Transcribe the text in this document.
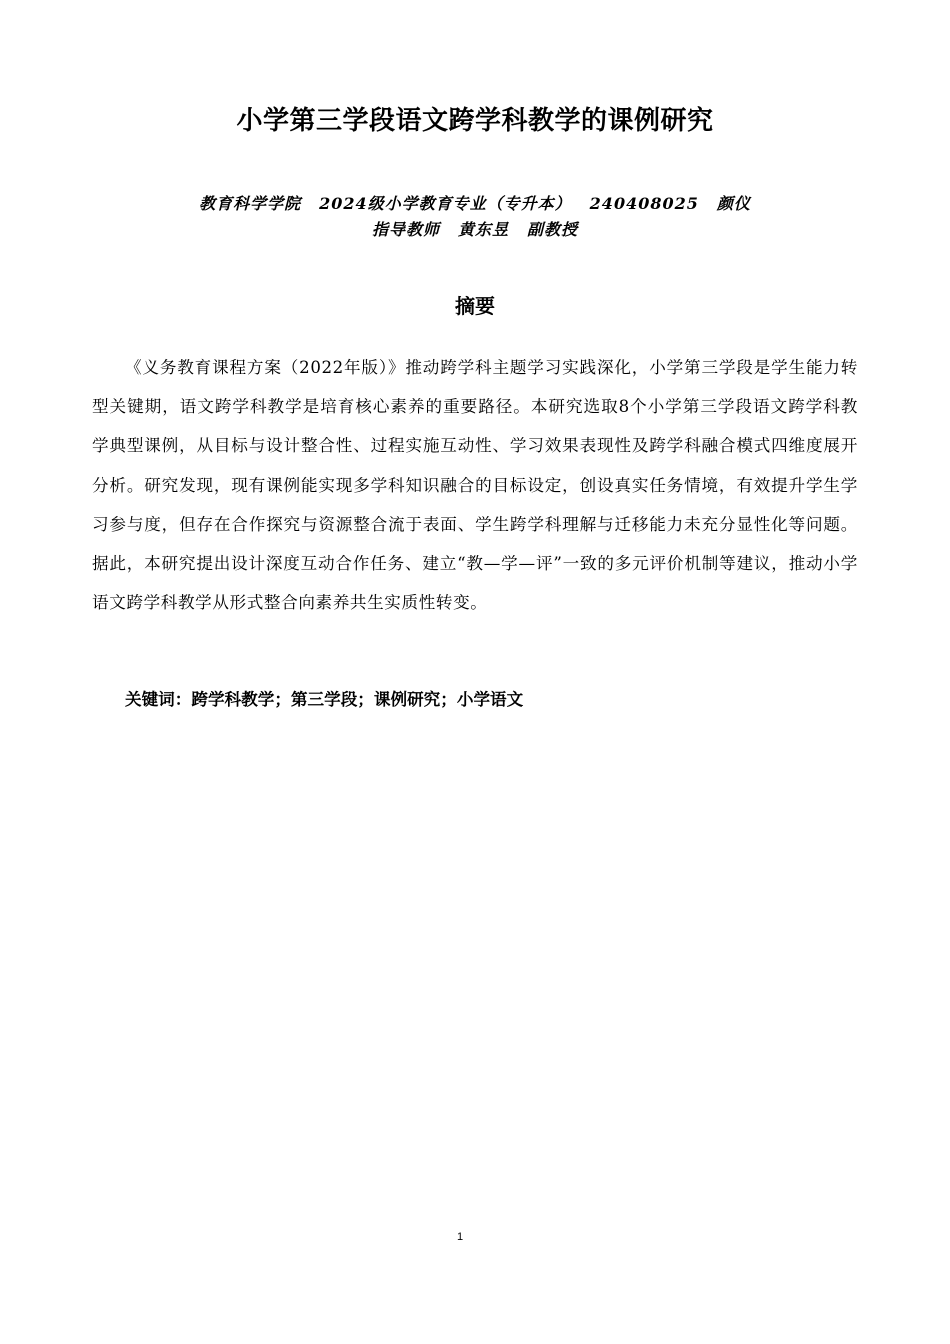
小学第三学段语文跨学科教学的课例研究
教育科学学院 2024级小学教育专业（专升本） 240408025 颜仪
指导教师 黄东昱 副教授
摘要
《义务教育课程方案（2022年版）》推动跨学科主题学习实践深化，小学第三学段是学生能力转型关键期，语文跨学科教学是培育核心素养的重要路径。本研究选取8个小学第三学段语文跨学科教学典型课例，从目标与设计整合性、过程实施互动性、学习效果表现性及跨学科融合模式四维度展开分析。研究发现，现有课例能实现多学科知识融合的目标设定，创设真实任务情境，有效提升学生学习参与度，但存在合作探究与资源整合流于表面、学生跨学科理解与迁移能力未充分显性化等问题。据此，本研究提出设计深度互动合作任务、建立“教—学—评”一致的多元评价机制等建议，推动小学语文跨学科教学从形式整合向素养共生实质性转变。
关键词：跨学科教学；第三学段；课例研究；小学语文
1
